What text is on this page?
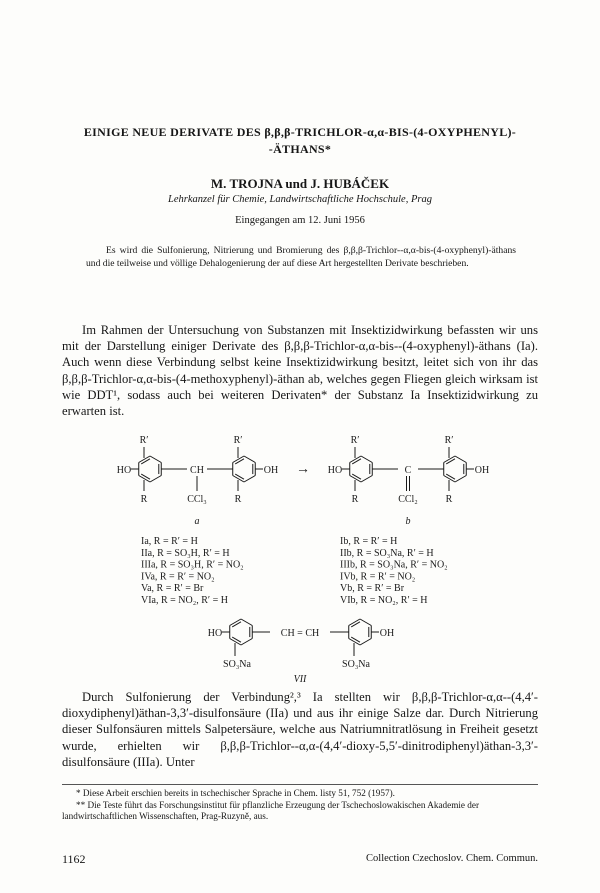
EINIGE NEUE DERIVATE DES β,β,β-TRICHLOR-α,α-BIS-(4-OXYPHENYL)-
-ÄTHANS*
M. TROJNA und J. HUBÁČEK
Lehrkanzel für Chemie, Landwirtschaftliche Hochschule, Prag
Eingegangen am 12. Juni 1956
Es wird die Sulfonierung, Nitrierung und Bromierung des β,β,β-Trichlor--α,α-bis-(4-oxyphenyl)-äthans und die teilweise und völlige Dehalogenierung der auf diese Art hergestellten Derivate beschrieben.
Im Rahmen der Untersuchung von Substanzen mit Insektizidwirkung befassten wir uns mit der Darstellung einiger Derivate des β,β,β-Trichlor-α,α-bis--(4-oxyphenyl)-äthans (Ia). Auch wenn diese Verbindung selbst keine Insektizidwirkung besitzt, leitet sich von ihr das β,β,β-Trichlor-α,α-bis-(4-methoxyphenyl)-äthan ab, welches gegen Fliegen gleich wirksam ist wie DDT¹, sodass auch bei weiteren Derivaten* der Substanz Ia Insektizidwirkung zu erwarten ist.
HO	OH
CH
CCl₃
R′
R
R′
R
HO	OH
C
CCl₂
R′
R
R′
R
→
a	b
Ia, R = R′ = H
IIa, R = SO₃H, R′ = H
IIIa, R = SO₃H, R′ = NO₂
IVa, R = R′ = NO₂
Va, R = R′ = Br
VIa, R = NO₂, R′ = H
Ib, R = R′ = H
IIb, R = SO₃Na, R′ = H
IIIb, R = SO₃Na, R′ = NO₂
IVb, R = R′ = NO₂
Vb, R = R′ = Br
VIb, R = NO₂, R′ = H
HO	OH
CH = CH
SO₃Na	SO₃Na
VII
* Diese Arbeit erschien bereits in tschechischer Sprache in Chem. listy 51, 752 (1957).
** Die Teste führt das Forschungsinstitut für pflanzliche Erzeugung der Tschechoslowakischen Akademie der landwirtschaftlichen Wissenschaften, Prag-Ruzyně, aus.
Durch Sulfonierung der Verbindung²,³ Ia stellten wir β,β,β-Trichlor-α,α--(4,4′-dioxydiphenyl)äthan-3,3′-disulfonsäure (IIa) und aus ihr einige Salze dar. Durch Nitrierung dieser Sulfonsäuren mittels Salpetersäure, welche aus Natriumnitratlösung in Freiheit gesetzt wurde, erhielten wir β,β,β-Trichlor--α,α-(4,4′-dioxy-5,5′-dinitrodiphenyl)äthan-3,3′-disulfonsäure (IIIa). Unter
1162	Collection Czechoslov. Chem. Commun.
